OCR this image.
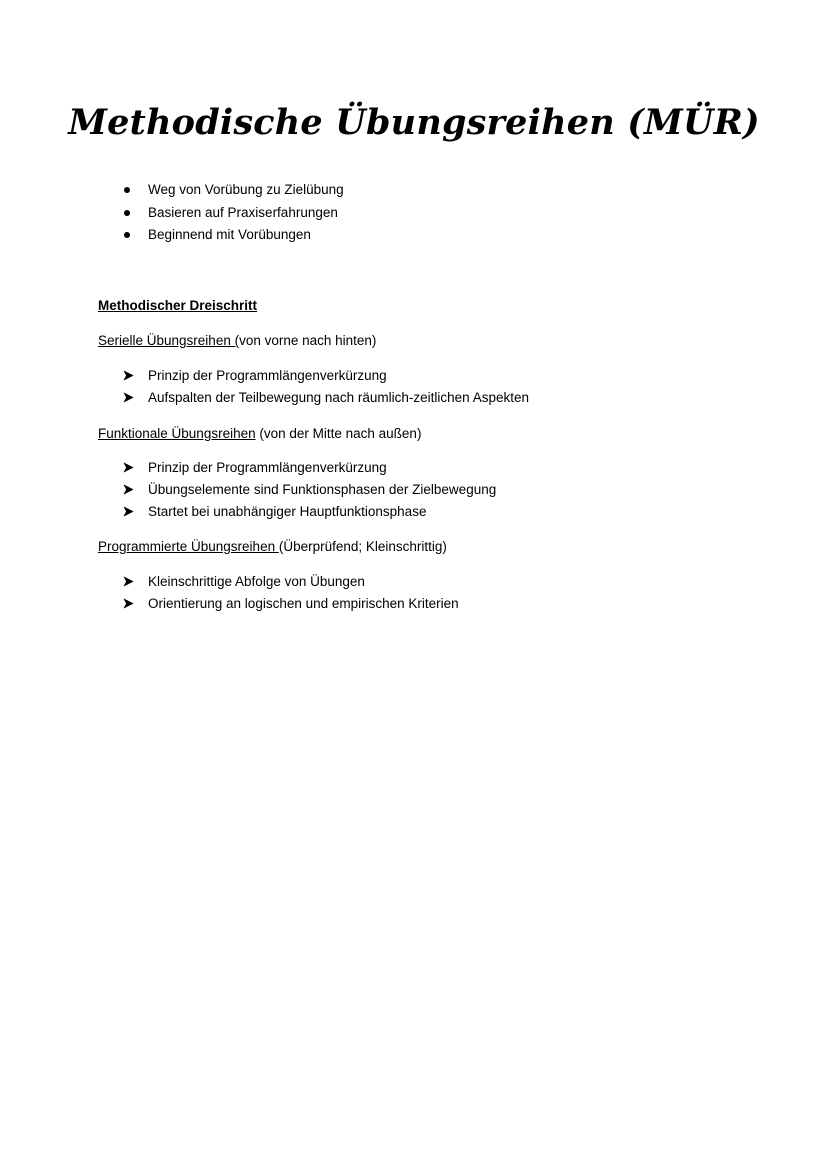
Methodische Übungsreihen (MÜR)
Weg von Vorübung zu Zielübung
Basieren auf Praxiserfahrungen
Beginnend mit Vorübungen

Methodischer Dreischritt

Serielle Übungsreihen (von vorne nach hinten)

Prinzip der Programmlängenverkürzung
Aufspalten der Teilbewegung nach räumlich-zeitlichen Aspekten

Funktionale Übungsreihen (von der Mitte nach außen)

Prinzip der Programmlängenverkürzung
Übungselemente sind Funktionsphasen der Zielbewegung
Startet bei unabhängiger Hauptfunktionsphase

Programmierte Übungsreihen (Überprüfend; Kleinschrittig)

Kleinschrittige Abfolge von Übungen
Orientierung an logischen und empirischen Kriterien
